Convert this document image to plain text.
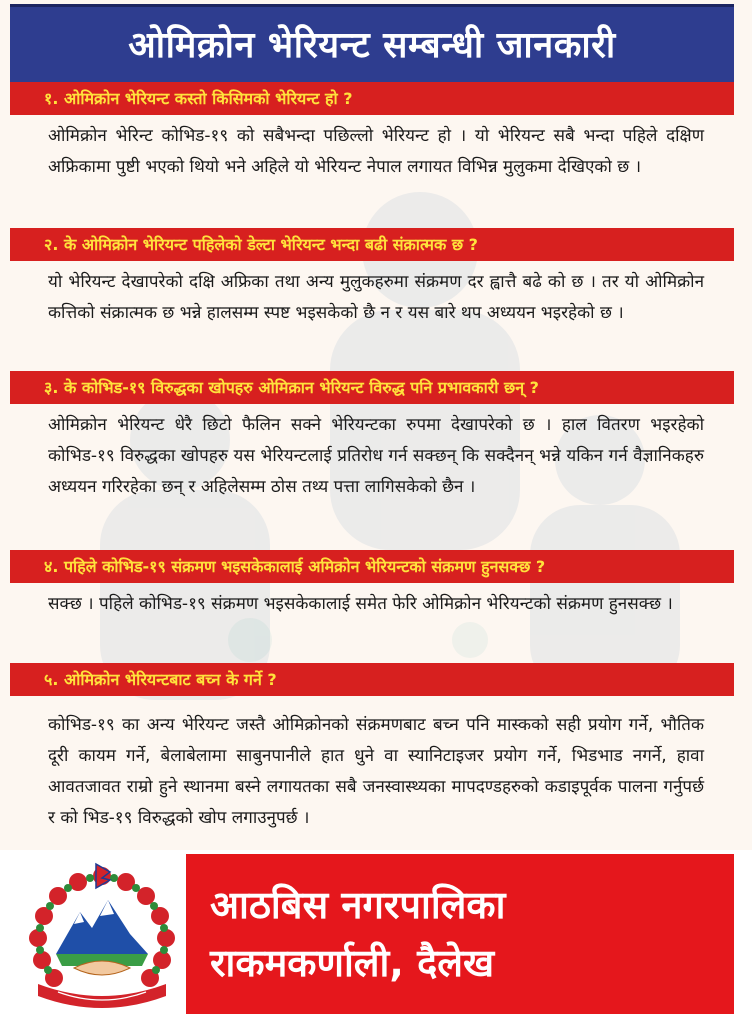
ओमिक्रोन भेरियन्ट सम्बन्धी जानकारी
१. ओमिक्रोन भेरियन्ट कस्तो किसिमको भेरियन्ट हो ?
ओमिक्रोन भेरिन्ट कोभिड-१९ को सबैभन्दा पछिल्लो भेरियन्ट हो । यो भेरियन्ट सबै भन्दा पहिले दक्षिण अफ्रिकामा पुष्टी भएको थियो भने अहिले यो भेरियन्ट नेपाल लगायत विभिन्न मुलुकमा देखिएको छ ।
२. के ओमिक्रोन भेरियन्ट पहिलेको डेल्टा भेरियन्ट भन्दा बढी संक्रात्मक छ ?
यो भेरियन्ट देखापरेको दक्षि अफ्रिका तथा अन्य मुलुकहरुमा संक्रमण दर ह्वात्तै बढे को छ । तर यो ओमिक्रोन कत्तिको संक्रात्मक छ भन्ने हालसम्म स्पष्ट भइसकेको छै न र यस बारे थप अध्ययन भइरहेको छ ।
३. के कोभिड-१९ विरुद्धका खोपहरु ओमिक्रान भेरियन्ट विरुद्ध पनि प्रभावकारी छन् ?
ओमिक्रोन भेरियन्ट धेरै छिटो फैलिन सक्ने भेरियन्टका रुपमा देखापरेको छ । हाल वितरण भइरहेको कोभिड-१९ विरुद्धका खोपहरु यस भेरियन्टलाई प्रतिरोध गर्न सक्छन् कि सक्दैनन् भन्ने यकिन गर्न वैज्ञानिकहरु अध्ययन गरिरहेका छन् र अहिलेसम्म ठोस तथ्य पत्ता लागिसकेको छैन ।
४. पहिले कोभिड-१९ संक्रमण भइसकेकालाई अमिक्रोन भेरियन्टको संक्रमण हुनसक्छ ?
सक्छ । पहिले कोभिड-१९ संक्रमण भइसकेकालाई समेत फेरि ओमिक्रोन भेरियन्टको संक्रमण हुनसक्छ ।
५. ओमिक्रोन भेरियन्टबाट बच्न के गर्ने ?
कोभिड-१९ का अन्य भेरियन्ट जस्तै ओमिक्रोनको संक्रमणबाट बच्न पनि मास्कको सही प्रयोग गर्ने, भौतिक दूरी कायम गर्ने, बेलाबेलामा साबुनपानीले हात धुने वा स्यानिटाइजर प्रयोग गर्ने, भिडभाड नगर्ने, हावा आवतजावत राम्रो हुने स्थानमा बस्ने लगायतका सबै जनस्वास्थ्यका मापदण्डहरुको कडाइपूर्वक पालना गर्नुपर्छ र को भिड-१९ विरुद्धको खोप लगाउनुपर्छ ।
आठबिस नगरपालिका
राकमकर्णाली, दैलेख
